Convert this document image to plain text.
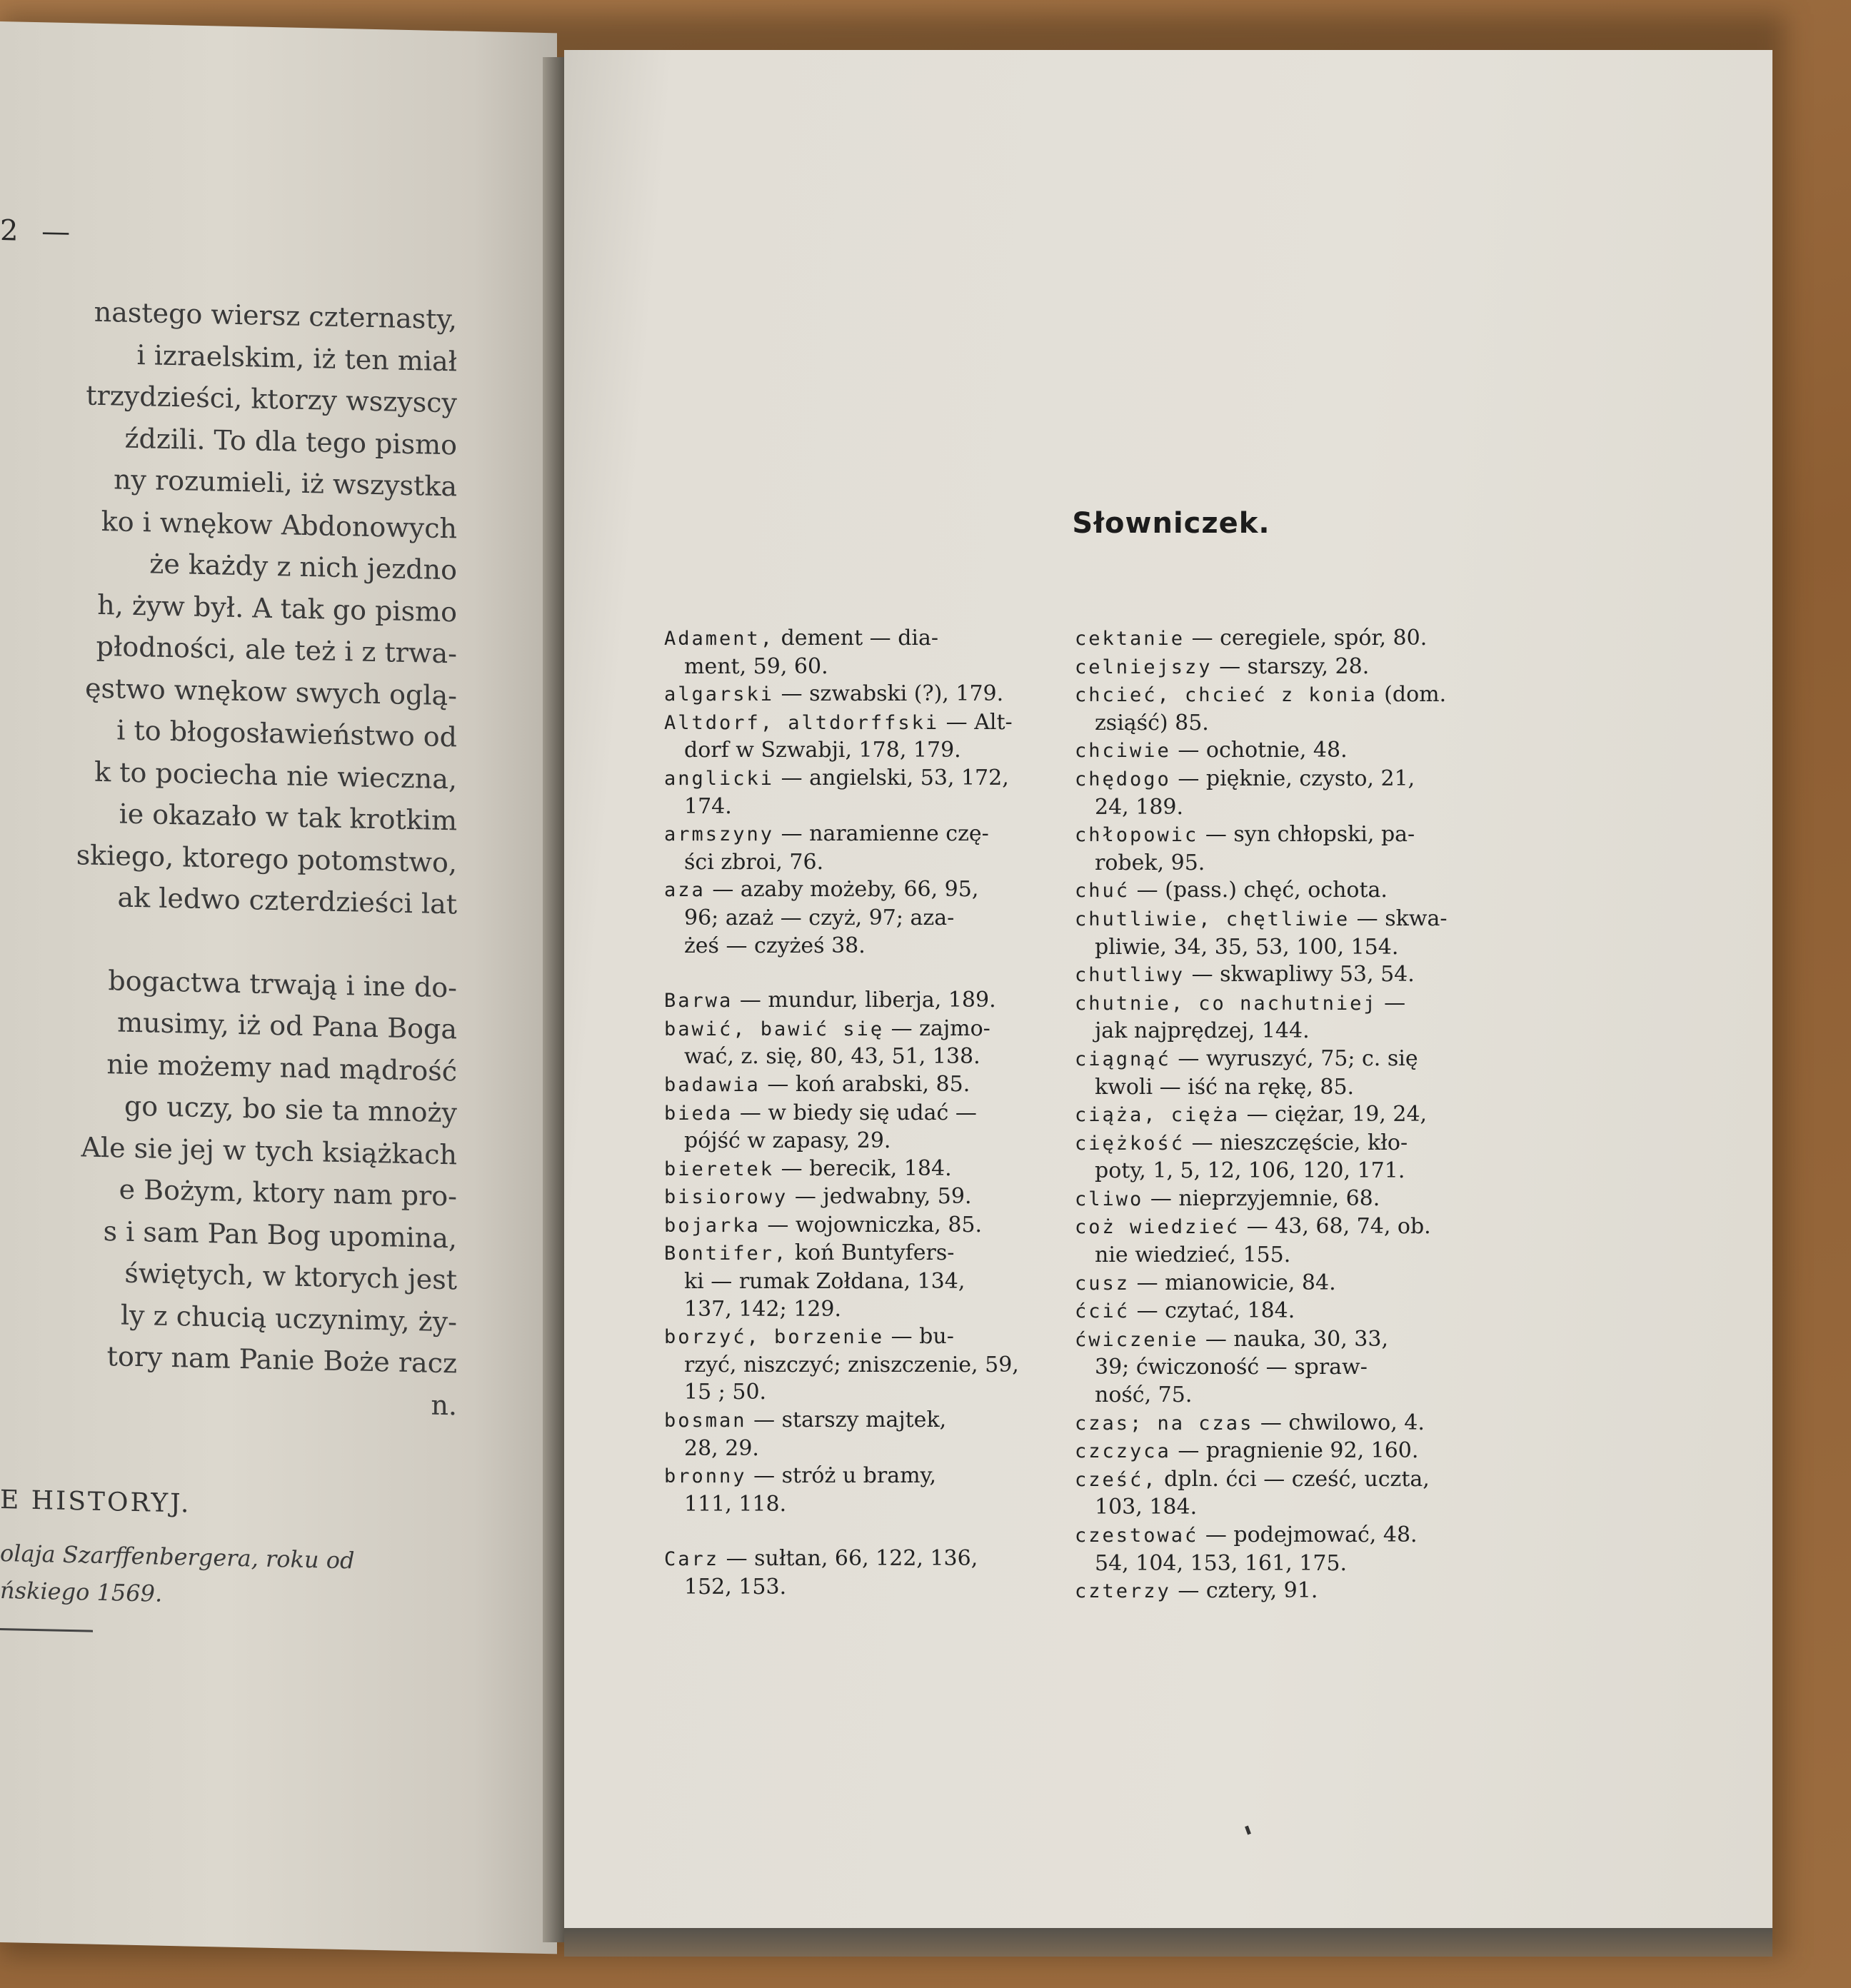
2 —
nastego wiersz czternasty,
i izraelskim, iż ten miał
trzydzieści, ktorzy wszyscy
ździli. To dla tego pismo
ny rozumieli, iż wszystka
ko i wnękow Abdonowych
że każdy z nich jezdno
h, żyw był. A tak go pismo
płodności, ale też i z trwa-
ęstwo wnękow swych oglą-
i to błogosławieństwo od
k to pociecha nie wieczna,
ie okazało w tak krotkim
skiego, ktorego potomstwo,
ak ledwo czterdzieści lat
bogactwa trwają i ine do-
musimy, iż od Pana Boga
nie możemy nad mądrość
go uczy, bo sie ta mnoży
Ale sie jej w tych książkach
e Bożym, ktory nam pro-
s i sam Pan Bog upomina,
świętych, w ktorych jest
ly z chucią uczynimy, ży-
tory nam Panie Boże racz
n.
E HISTORYJ.
olaja Szarffenbergera, roku od
ńskiego 1569.
Słowniczek.
Adament, dement — dia-
ment, 59, 60.
algarski — szwabski (?), 179.
Altdorf, altdorffski — Alt-
dorf w Szwabji, 178, 179.
anglicki — angielski, 53, 172,
174.
armszyny — naramienne czę-
ści zbroi, 76.
aza — azaby możeby, 66, 95,
96; azaż — czyż, 97; aza-
żeś — czyżeś 38.
Barwa — mundur, liberja, 189.
bawić, bawić się — zajmo-
wać, z. się, 80, 43, 51, 138.
badawia — koń arabski, 85.
bieda — w biedy się udać —
pójść w zapasy, 29.
bieretek — berecik, 184.
bisiorowy — jedwabny, 59.
bojarka — wojowniczka, 85.
Bontifer, koń Buntyfers-
ki — rumak Zołdana, 134,
137, 142; 129.
borzyć, borzenie — bu-
rzyć, niszczyć; zniszczenie, 59,
15 ; 50.
bosman — starszy majtek,
28, 29.
bronny — stróż u bramy,
111, 118.
Carz — sułtan, 66, 122, 136,
152, 153.
cektanie — ceregiele, spór, 80.
celniejszy — starszy, 28.
chcieć, chcieć z konia (dom.
zsiąść) 85.
chciwie — ochotnie, 48.
chędogo — pięknie, czysto, 21,
24, 189.
chłopowic — syn chłopski, pa-
robek, 95.
chuć — (pass.) chęć, ochota.
chutliwie, chętliwie — skwa-
pliwie, 34, 35, 53, 100, 154.
chutliwy — skwapliwy 53, 54.
chutnie, co nachutniej —
jak najprędzej, 144.
ciągnąć — wyruszyć, 75; c. się
kwoli — iść na rękę, 85.
ciąża, cięża — ciężar, 19, 24,
ciężkość — nieszczęście, kło-
poty, 1, 5, 12, 106, 120, 171.
cliwo — nieprzyjemnie, 68.
coż wiedzieć — 43, 68, 74, ob.
nie wiedzieć, 155.
cusz — mianowicie, 84.
ćcić — czytać, 184.
ćwiczenie — nauka, 30, 33,
39; ćwiczoność — spraw-
ność, 75.
czas; na czas — chwilowo, 4.
czczyca — pragnienie 92, 160.
cześć, dpln. ćci — cześć, uczta,
103, 184.
czestować — podejmować, 48.
54, 104, 153, 161, 175.
czterzy — cztery, 91.
